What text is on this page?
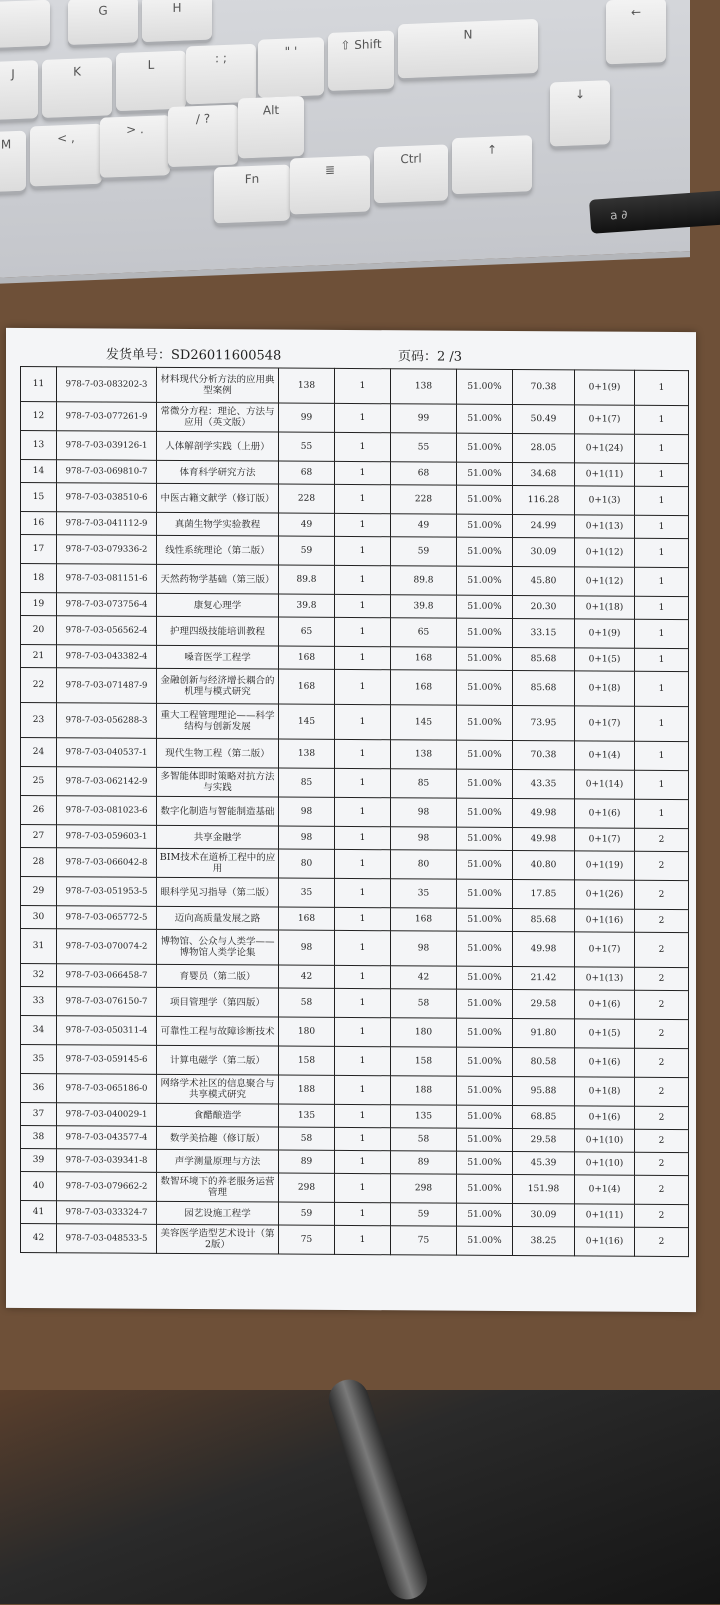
G	H
J	K	L	: ;	" '	⇧ Shift
N
M	< ,
> .
/ ?
Alt
Fn
≣
Ctrl
↑
←
↓
a ∂
发货单号：SD26011600548	页码：2 /3
11	978-7-03-083202-3	材料现代分析方法的应用典型案例	138	1	138	51.00%	70.38	0+1(9)	1
12	978-7-03-077261-9	常微分方程：理论、方法与应用（英文版）	99	1	99	51.00%	50.49	0+1(7)	1
13	978-7-03-039126-1	人体解剖学实践（上册）	55	1	55	51.00%	28.05	0+1(24)	1
14	978-7-03-069810-7	体育科学研究方法	68	1	68	51.00%	34.68	0+1(11)	1
15	978-7-03-038510-6	中医古籍文献学（修订版）	228	1	228	51.00%	116.28	0+1(3)	1
16	978-7-03-041112-9	真菌生物学实验教程	49	1	49	51.00%	24.99	0+1(13)	1
17	978-7-03-079336-2	线性系统理论（第二版）	59	1	59	51.00%	30.09	0+1(12)	1
18	978-7-03-081151-6	天然药物学基础（第三版）	89.8	1	89.8	51.00%	45.80	0+1(12)	1
19	978-7-03-073756-4	康复心理学	39.8	1	39.8	51.00%	20.30	0+1(18)	1
20	978-7-03-056562-4	护理四级技能培训教程	65	1	65	51.00%	33.15	0+1(9)	1
21	978-7-03-043382-4	嗓音医学工程学	168	1	168	51.00%	85.68	0+1(5)	1
22	978-7-03-071487-9	金融创新与经济增长耦合的机理与模式研究	168	1	168	51.00%	85.68	0+1(8)	1
23	978-7-03-056288-3	重大工程管理理论——科学结构与创新发展	145	1	145	51.00%	73.95	0+1(7)	1
24	978-7-03-040537-1	现代生物工程（第二版）	138	1	138	51.00%	70.38	0+1(4)	1
25	978-7-03-062142-9	多智能体即时策略对抗方法与实践	85	1	85	51.00%	43.35	0+1(14)	1
26	978-7-03-081023-6	数字化制造与智能制造基础	98	1	98	51.00%	49.98	0+1(6)	1
27	978-7-03-059603-1	共享金融学	98	1	98	51.00%	49.98	0+1(7)	2
28	978-7-03-066042-8	BIM技术在道桥工程中的应用	80	1	80	51.00%	40.80	0+1(19)	2
29	978-7-03-051953-5	眼科学见习指导（第二版）	35	1	35	51.00%	17.85	0+1(26)	2
30	978-7-03-065772-5	迈向高质量发展之路	168	1	168	51.00%	85.68	0+1(16)	2
31	978-7-03-070074-2	博物馆、公众与人类学——博物馆人类学论集	98	1	98	51.00%	49.98	0+1(7)	2
32	978-7-03-066458-7	育婴员（第二版）	42	1	42	51.00%	21.42	0+1(13)	2
33	978-7-03-076150-7	项目管理学（第四版）	58	1	58	51.00%	29.58	0+1(6)	2
34	978-7-03-050311-4	可靠性工程与故障诊断技术	180	1	180	51.00%	91.80	0+1(5)	2
35	978-7-03-059145-6	计算电磁学（第二版）	158	1	158	51.00%	80.58	0+1(6)	2
36	978-7-03-065186-0	网络学术社区的信息聚合与共享模式研究	188	1	188	51.00%	95.88	0+1(8)	2
37	978-7-03-040029-1	食醋酿造学	135	1	135	51.00%	68.85	0+1(6)	2
38	978-7-03-043577-4	数学美拾趣（修订版）	58	1	58	51.00%	29.58	0+1(10)	2
39	978-7-03-039341-8	声学测量原理与方法	89	1	89	51.00%	45.39	0+1(10)	2
40	978-7-03-079662-2	数智环境下的养老服务运营管理	298	1	298	51.00%	151.98	0+1(4)	2
41	978-7-03-033324-7	园艺设施工程学	59	1	59	51.00%	30.09	0+1(11)	2
42	978-7-03-048533-5	美容医学造型艺术设计（第2版）	75	1	75	51.00%	38.25	0+1(16)	2
